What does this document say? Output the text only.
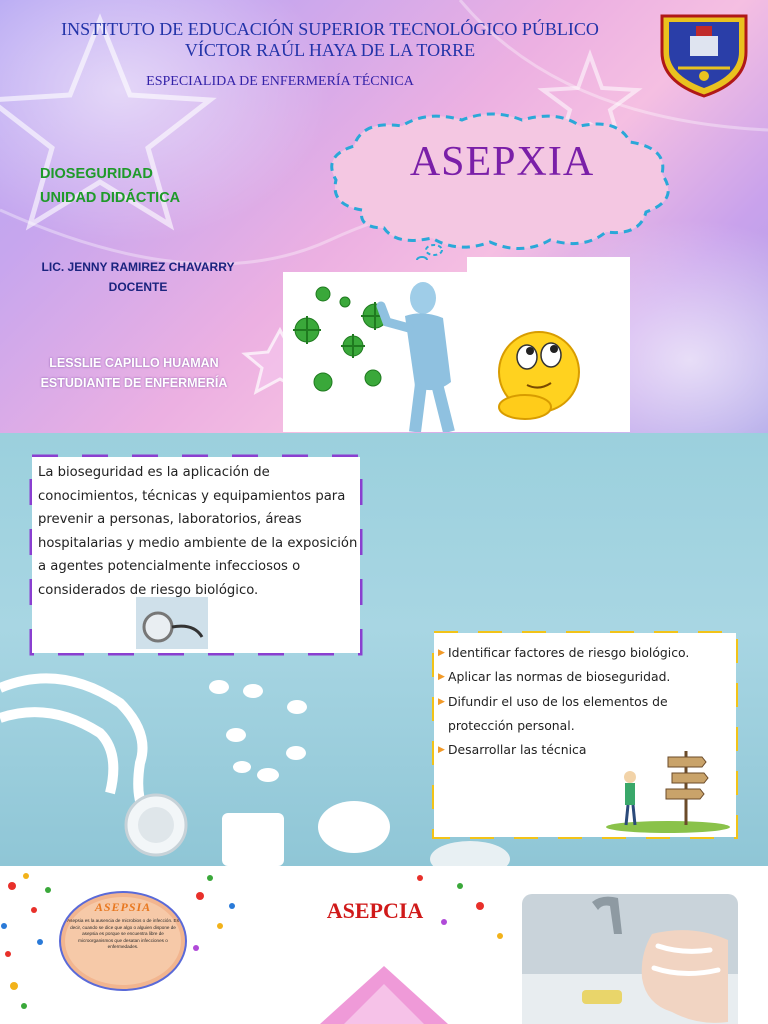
INSTITUTO DE EDUCACIÓN SUPERIOR TECNOLÓGICO PÚBLICO
VÍCTOR RAÚL HAYA DE LA TORRE
ESPECIALIDA DE ENFERMERÍA TÉCNICA
DIOSEGURIDAD
UNIDAD DIDÁCTICA
LIC. JENNY RAMIREZ CHAVARRY
DOCENTE
LESSLIE CAPILLO HUAMAN
ESTUDIANTE DE ENFERMERÍA
ASEPXIA
La bioseguridad es la aplicación de conocimientos, técnicas y equipamientos para prevenir a personas, laboratorios, áreas hospitalarias y medio ambiente de la exposición a agentes potencialmente infecciosos o considerados de riesgo biológico.
▶ Identificar factores de riesgo biológico.
▶ Aplicar las normas de bioseguridad.
▶ Difundir el uso de los elementos de protección personal.
▶ Desarrollar las técnica
ASEPSIA
Asepsia es la ausencia de microbios o de infección. Es decir, cuando se dice que algo o alguien dispone de asepsia es porque se encuentra libre de microorganismos que desatan infecciones o enfermedades.
ASEPCIA
